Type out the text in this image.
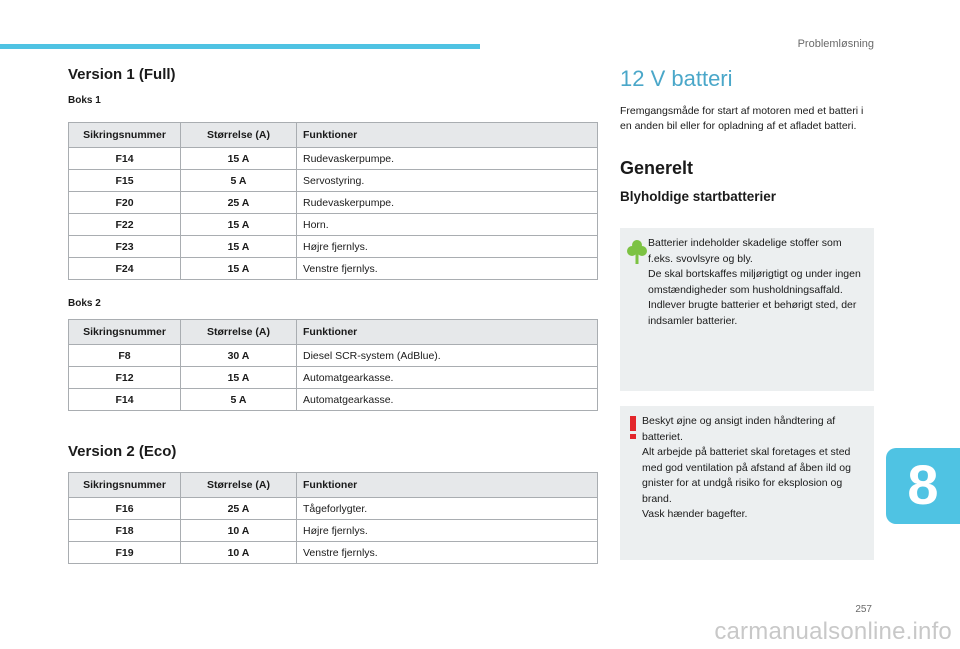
Problemløsning
Version 1 (Full)
Boks 1
Sikringsnummer	Størrelse (A)	Funktioner
F14	15 A	Rudevaskerpumpe.
F15	5 A	Servostyring.
F20	25 A	Rudevaskerpumpe.
F22	15 A	Horn.
F23	15 A	Højre fjernlys.
F24	15 A	Venstre fjernlys.
Boks 2
Sikringsnummer	Størrelse (A)	Funktioner
F8	30 A	Diesel SCR-system (AdBlue).
F12	15 A	Automatgearkasse.
F14	5 A	Automatgearkasse.
Version 2 (Eco)
Sikringsnummer	Størrelse (A)	Funktioner
F16	25 A	Tågeforlygter.
F18	10 A	Højre fjernlys.
F19	10 A	Venstre fjernlys.
12 V batteri
Fremgangsmåde for start af motoren med et batteri i en anden bil eller for opladning af et afladet batteri.
Generelt
Blyholdige startbatterier
Batterier indeholder skadelige stoffer som f.eks. svovlsyre og bly.
De skal bortskaffes miljørigtigt og under ingen omstændigheder som husholdningsaffald.
Indlever brugte batterier et behørigt sted, der indsamler batterier.
Beskyt øjne og ansigt inden håndtering af batteriet.
Alt arbejde på batteriet skal foretages et sted med god ventilation på afstand af åben ild og gnister for at undgå risiko for eksplosion og brand.
Vask hænder bagefter.	8
257
carmanualsonline.info
